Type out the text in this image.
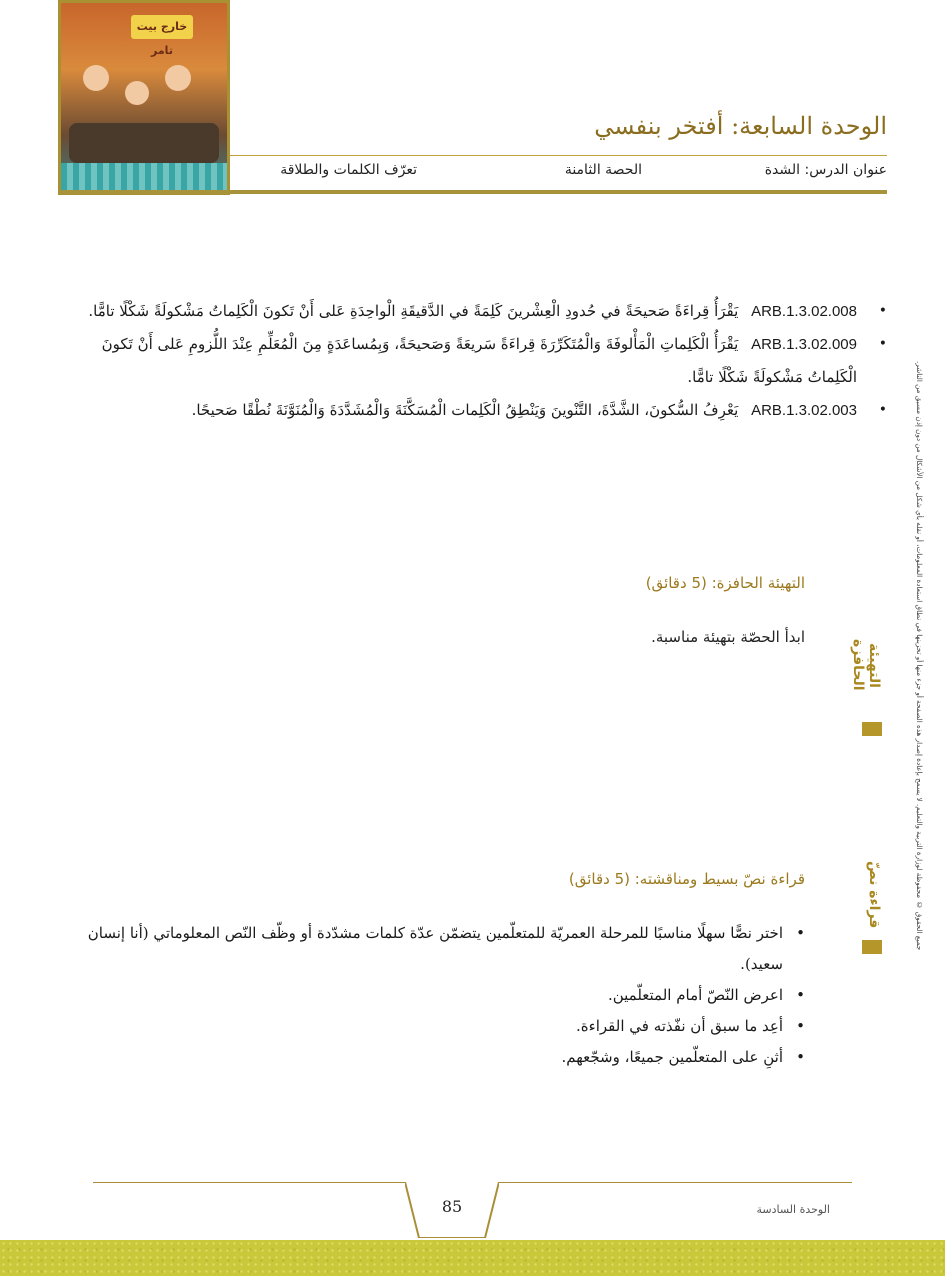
خارج بيت تامر
الوحدة السابعة: أفتخر بنفسي
عنوان الدرس: الشدة
الحصة الثامنة
تعرّف الكلمات والطلاقة
جميع الحقوق © محفوظة لوزارة التربية والتعليم. لا يسمح بإعادة إصدار هذه الصفحة أو جزء منها أو تخزينها في نطاق استعادة المعلومات، أو نقله بأي شكل من الأشكال من دون إذن مسبق من الناشر.
•
ARB.1.3.02.008 يَقْرَأُ قِراءَةً صَحيحَةً في حُدودِ الْعِشْرينَ كَلِمَةً في الدَّقيقَةِ الْواحِدَةِ عَلى أَنْ تَكونَ الْكَلِماتُ مَشْكولَةً شَكْلًا تامًّا.
•
ARB.1.3.02.009 يَقْرَأُ الْكَلِماتِ الْمَأْلوفَةَ وَالْمُتَكَرِّرَةَ قِراءَةً سَريعَةً وَصَحيحَةً، وَبِمُساعَدَةٍ مِنَ الْمُعَلِّمِ عِنْدَ اللُّزومِ عَلى أَنْ تَكونَ الْكَلِماتُ مَشْكولَةً شَكْلًا تامًّا.
•
ARB.1.3.02.003 يَعْرِفُ السُّكونَ، الشَّدَّةَ، التَّنْوينَ وَيَنْطِقُ الْكَلِمات الْمُسَكَّنَةَ وَالْمُشَدَّدَةَ وَالْمُنَوَّنَةَ نُطْقًا صَحيحًا.
التهيئة الحافزة
التهيئة الحافزة: (5 دقائق)
ابدأ الحصّة بتهيئة مناسبة.
قراءة نصّ
قراءة نصّ بسيط ومناقشته: (5 دقائق)
•
اختر نصًّا سهلًا مناسبًا للمرحلة العمريّة للمتعلّمين يتضمّن عدّة كلمات مشدّدة أو وظّف النّص المعلوماتي (أنا إنسان سعيد).
•
اعرض النّصّ أمام المتعلّمين.
•
أعِد ما سبق أن نفّذته في القراءة.
•
أثنِ على المتعلّمين جميعًا، وشجّعهم.
85	الوحدة السادسة
